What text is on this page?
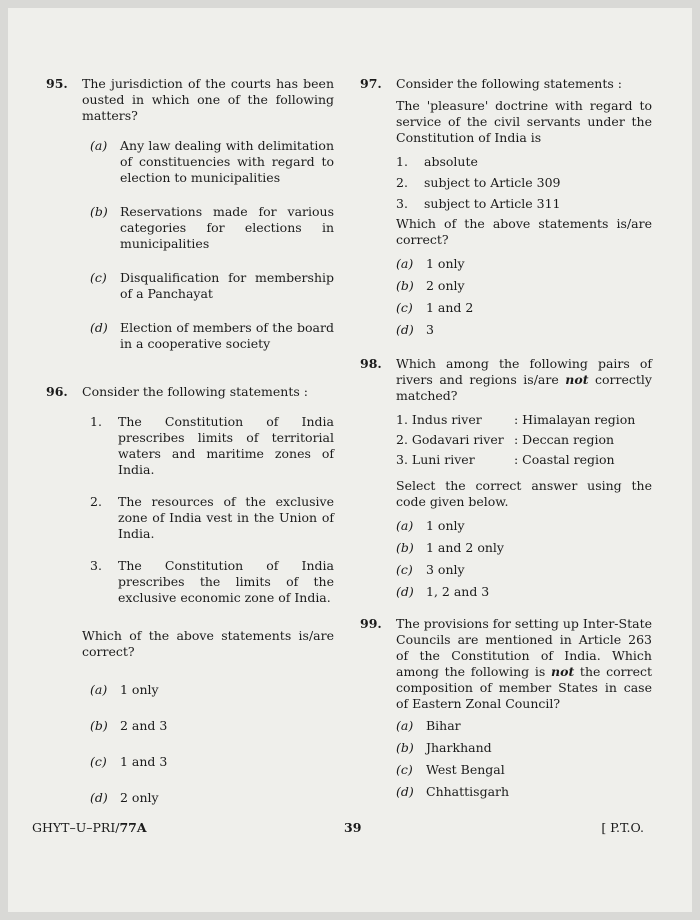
95. The jurisdiction of the courts has been ousted in which one of the following matters?

(a) Any law dealing with delimitation of constituencies with regard to election to municipalities
(b) Reservations made for various categories for elections in municipalities
(c) Disqualification for membership of a Panchayat
(d) Election of members of the board in a cooperative society
96. Consider the following statements :

1. The Constitution of India prescribes limits of territorial waters and maritime zones of India.
2. The resources of the exclusive zone of India vest in the Union of India.
3. The Constitution of India prescribes the limits of the exclusive economic zone of India.
Which of the above statements is/are correct?
(a) 1 only
(b) 2 and 3
(c) 1 and 3
(d) 2 only
97. Consider the following statements :

The 'pleasure' doctrine with regard to service of the civil servants under the Constitution of India is
1. absolute
2. subject to Article 309
3. subject to Article 311
Which of the above statements is/are correct?
(a) 1 only
(b) 2 only
(c) 1 and 2
(d) 3
98. Which among the following pairs of rivers and regions is/are not correctly matched?

1. Indus river	: Himalayan region
2. Godavari river : Deccan region
3. Luni river	: Coastal region
Select the correct answer using the code given below.
(a) 1 only
(b) 1 and 2 only
(c) 3 only
(d) 1, 2 and 3
99. The provisions for setting up Inter-State Councils are mentioned in Article 263 of the Constitution of India. Which among the following is not the correct composition of member States in case of Eastern Zonal Council?

(a) Bihar
(b) Jharkhand
(c) West Bengal
(d) Chhattisgarh
GHYT–U–PRI/77A	39	[ P.T.O.
